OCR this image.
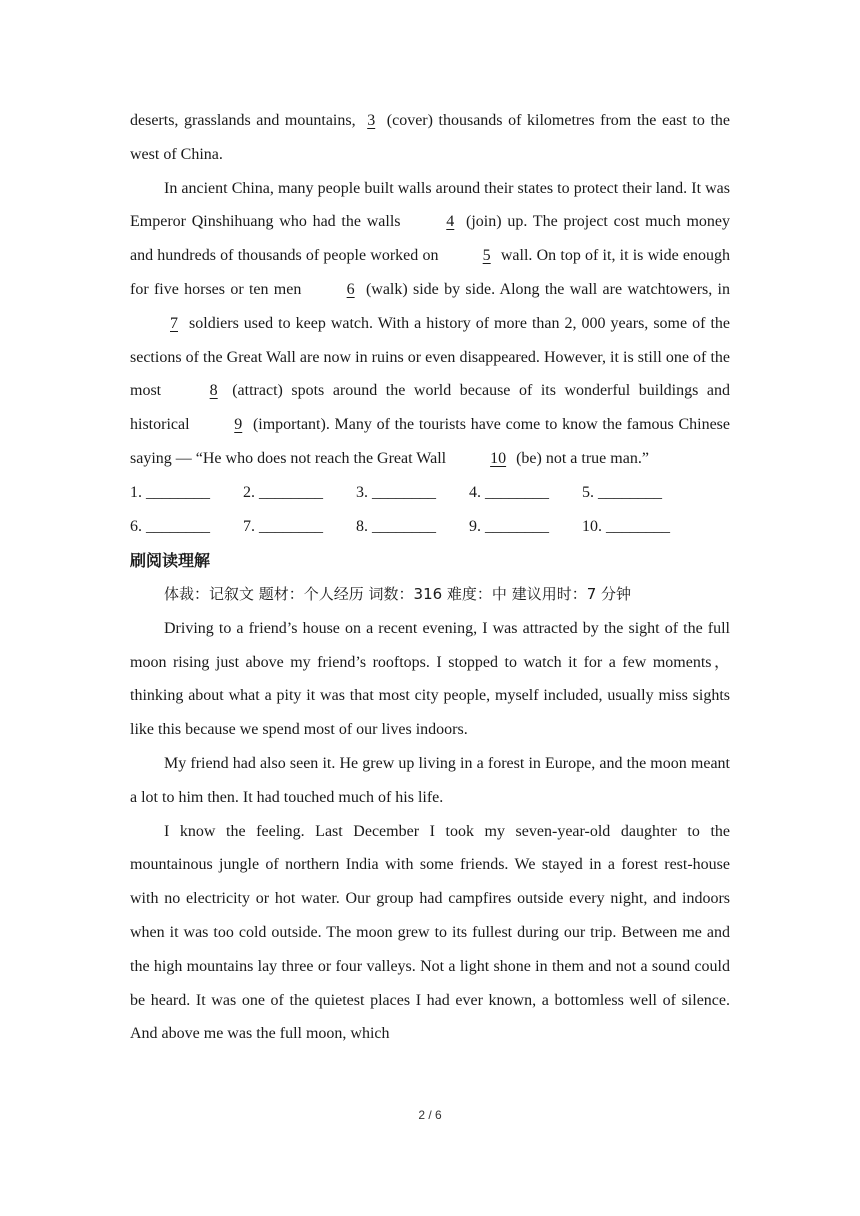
deserts, grasslands and mountains, 3 (cover) thousands of kilometres from the east to the west of China.

In ancient China, many people built walls around their states to protect their land. It was Emperor Qinshihuang who had the walls	4 (join) up. The project cost much money and hundreds of thousands of people worked on	5 wall. On top of it, it is wide enough for five horses or ten men	6 (walk) side by side. Along the wall are watchtowers, in 7 soldiers used to keep watch. With a history of more than 2, 000 years, some of the sections of the Great Wall are now in ruins or even disappeared. However, it is still one of the most	8 (attract) spots around the world because of its wonderful buildings and historical	9 (important). Many of the tourists have come to know the famous Chinese saying — “He who does not reach the Great Wall	10 (be) not a true man.”

1. ________	2. ________	3. ________	4. ________	5. ________
6. ________	7. ________	8. ________	9. ________	10. ________
刷阅读理解

体裁：记叙文 题材：个人经历 词数：316 难度：中 建议用时：7 分钟

Driving to a friend’s house on a recent evening, I was attracted by the sight of the full moon rising just above my friend’s rooftops. I stopped to watch it for a few moments，thinking about what a pity it was that most city people, myself included, usually miss sights like this because we spend most of our lives indoors.

My friend had also seen it. He grew up living in a forest in Europe, and the moon meant a lot to him then. It had touched much of his life.

I know the feeling. Last December I took my seven-year-old daughter to the mountainous jungle of northern India with some friends. We stayed in a forest rest-house with no electricity or hot water. Our group had campfires outside every night, and indoors when it was too cold outside. The moon grew to its fullest during our trip. Between me and the high mountains lay three or four valleys. Not a light shone in them and not a sound could be heard. It was one of the quietest places I had ever known, a bottomless well of silence. And above me was the full moon, which

2 / 6
